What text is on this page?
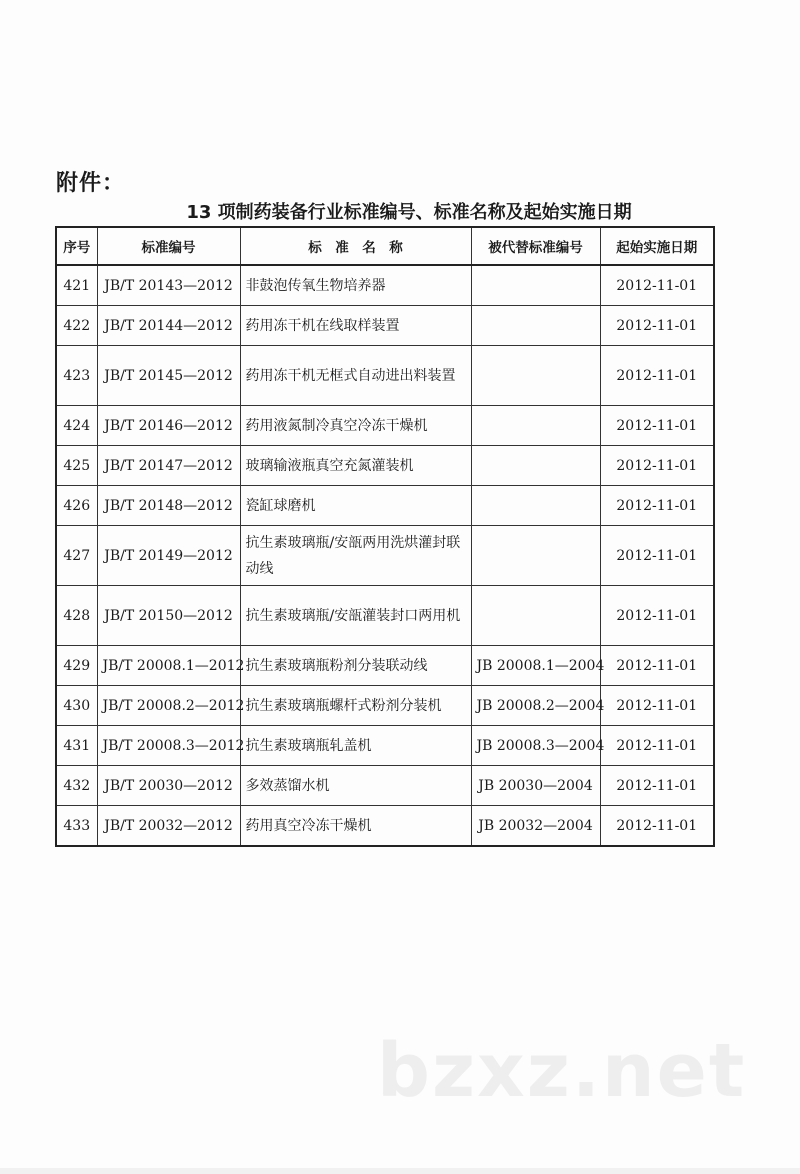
附件：
13 项制药装备行业标准编号、标准名称及起始实施日期
序号	标准编号	标　准　名　称	被代替标准编号	起始实施日期
421	JB/T 20143—2012	非鼓泡传氧生物培养器		2012-11-01
422	JB/T 20144—2012	药用冻干机在线取样装置		2012-11-01
423	JB/T 20145—2012	药用冻干机无框式自动进出料装置		2012-11-01
424	JB/T 20146—2012	药用液氮制冷真空冷冻干燥机		2012-11-01
425	JB/T 20147—2012	玻璃输液瓶真空充氮灌装机		2012-11-01
426	JB/T 20148—2012	瓷缸球磨机		2012-11-01
427	JB/T 20149—2012	抗生素玻璃瓶/安瓿两用洗烘灌封联动线		2012-11-01
428	JB/T 20150—2012	抗生素玻璃瓶/安瓿灌装封口两用机		2012-11-01
429	JB/T 20008.1—2012	抗生素玻璃瓶粉剂分装联动线	JB 20008.1—2004	2012-11-01
430	JB/T 20008.2—2012	抗生素玻璃瓶螺杆式粉剂分装机	JB 20008.2—2004	2012-11-01
431	JB/T 20008.3—2012	抗生素玻璃瓶轧盖机	JB 20008.3—2004	2012-11-01
432	JB/T 20030—2012	多效蒸馏水机	JB 20030—2004	2012-11-01
433	JB/T 20032—2012	药用真空冷冻干燥机	JB 20032—2004	2012-11-01
bzxz.net
